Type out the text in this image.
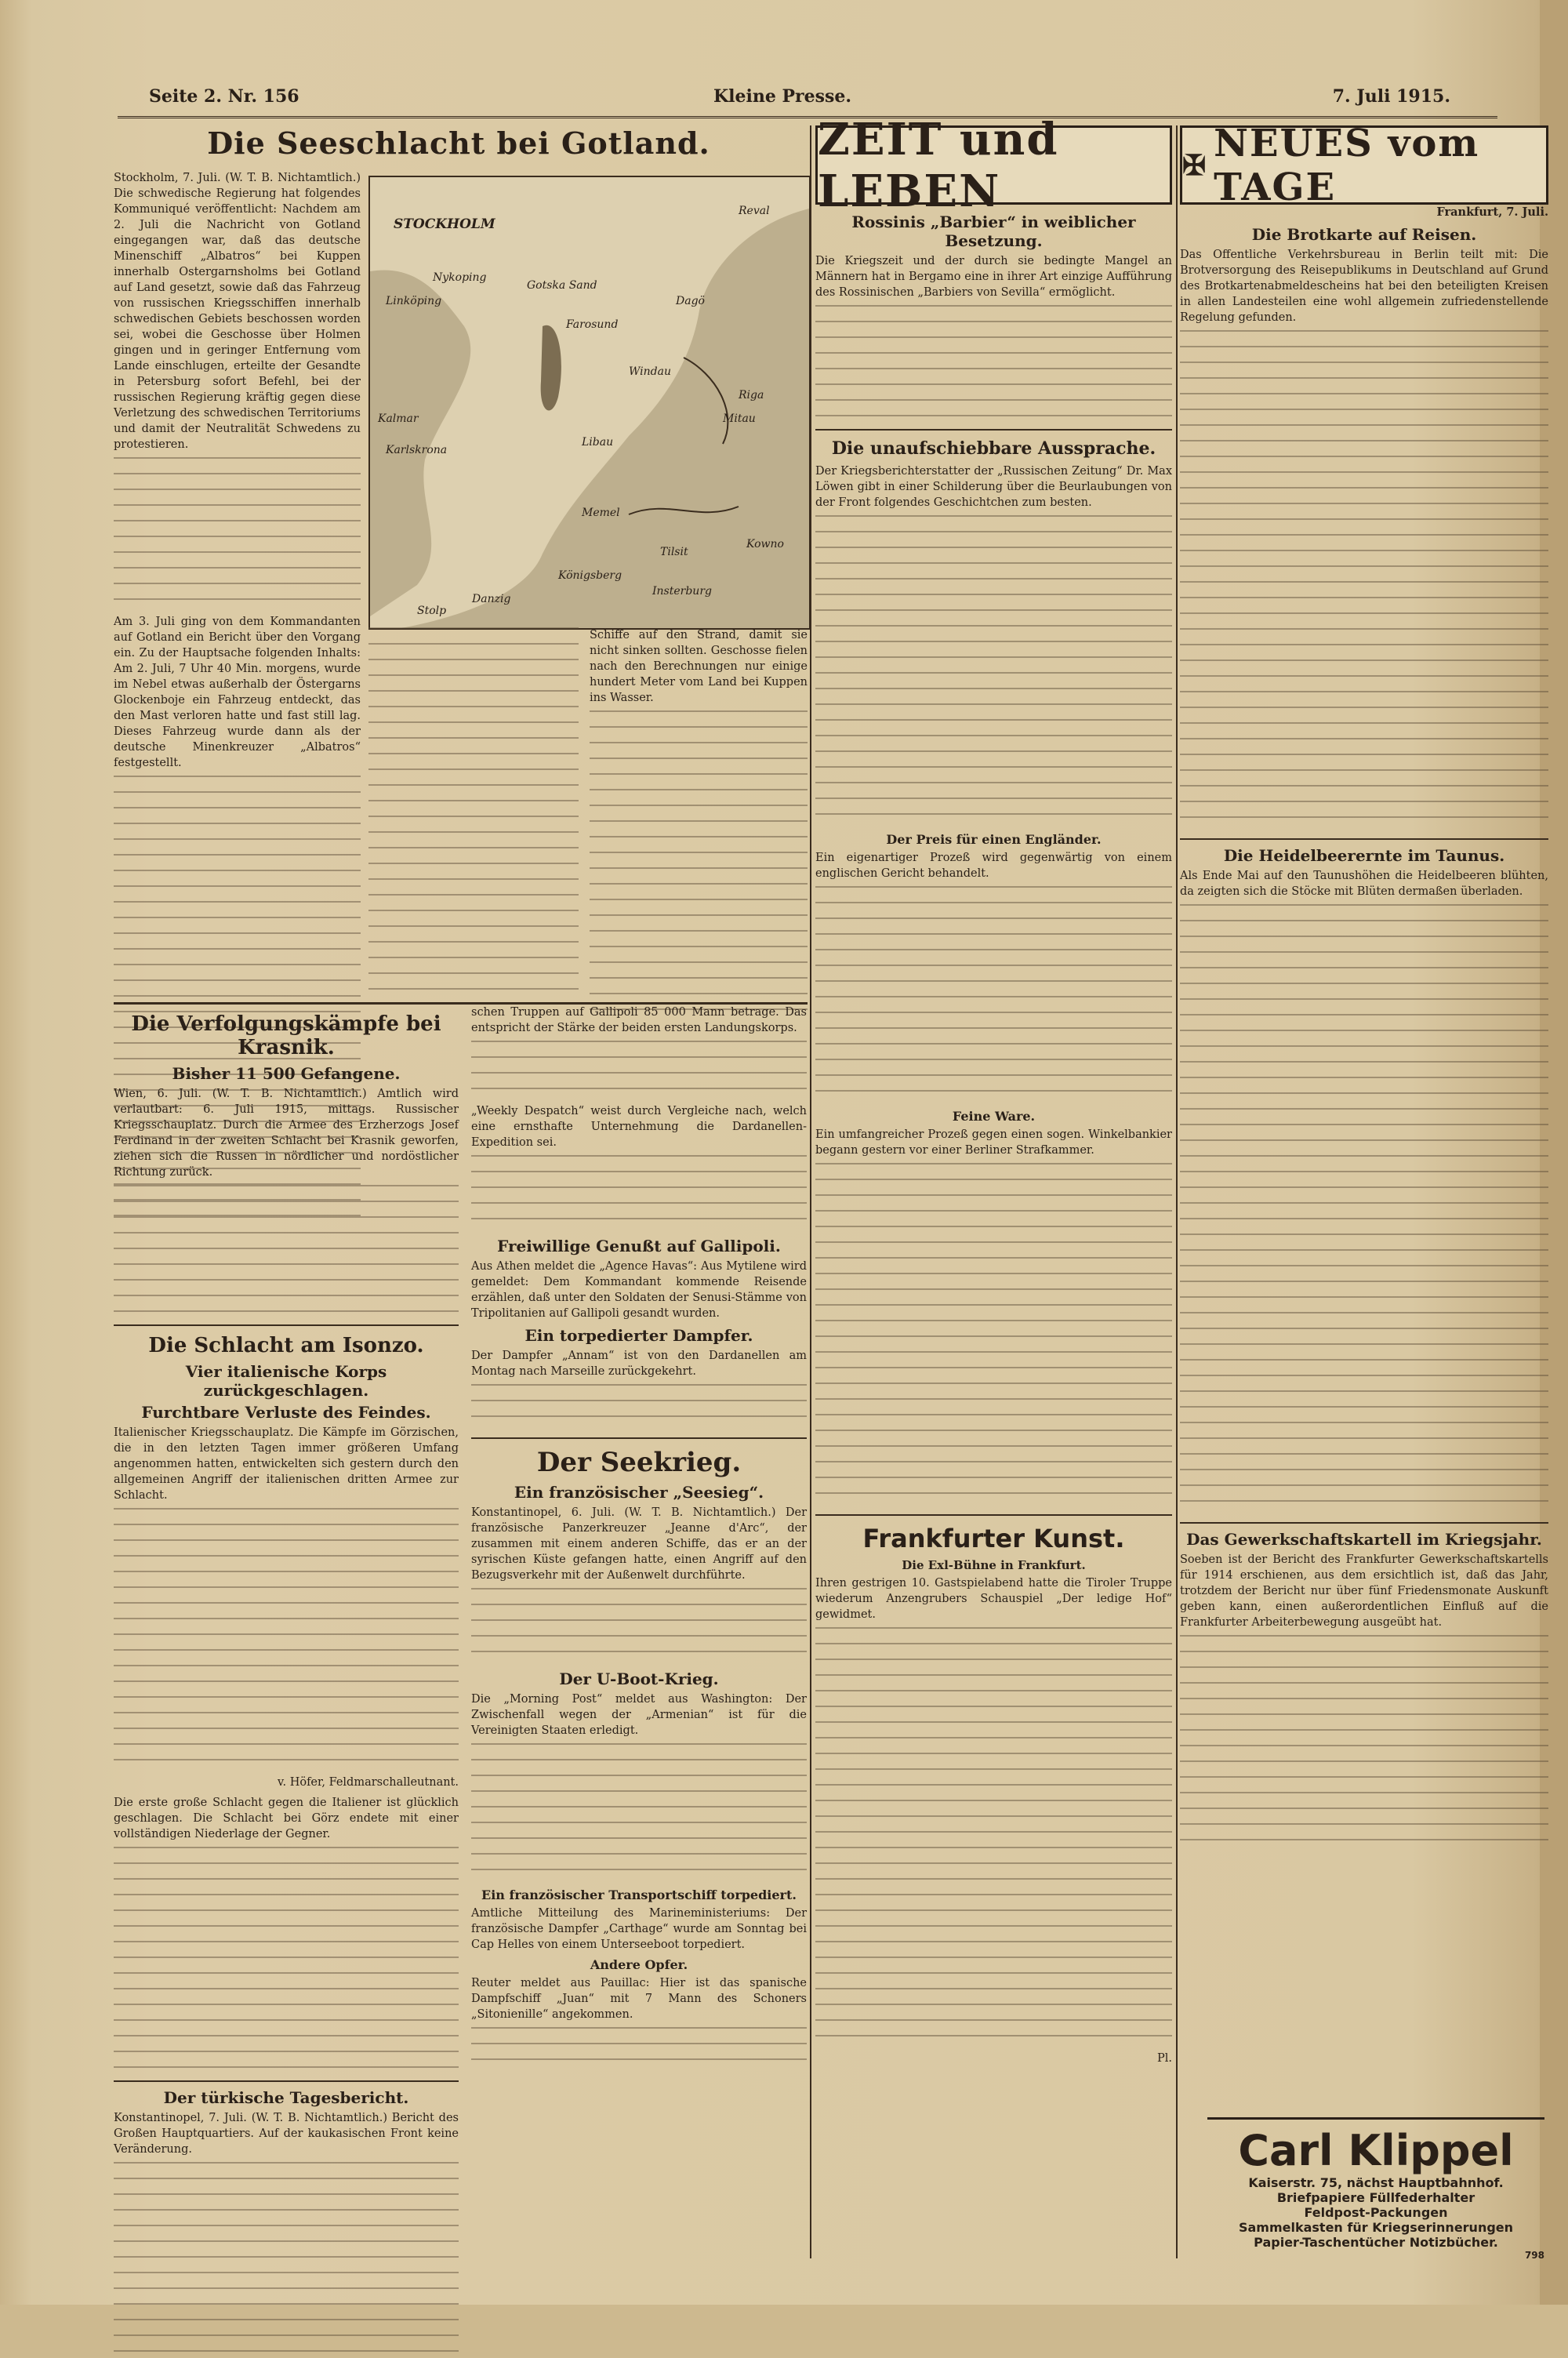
Seite 2. Nr. 156	Kleine Presse.	7. Juli 1915.
Die Seeschlacht bei Gotland.

Stockholm, 7. Juli. (W. T. B. Nichtamtlich.) Die schwedische Regierung hat folgendes Kommuniqué veröffentlicht: Nachdem am 2. Juli die Nachricht von Gotland eingegangen war, daß das deutsche Minenschiff „Albatros“ bei Kuppen innerhalb Ostergarnsholms bei Gotland auf Land gesetzt, sowie daß das Fahrzeug von russischen Kriegsschiffen innerhalb schwedischen Gebiets beschossen worden sei, wobei die Geschosse über Holmen gingen und in geringer Entfernung vom Lande einschlugen, erteilte der Gesandte in Petersburg sofort Befehl, bei der russischen Regierung kräftig gegen diese Verletzung des schwedischen Territoriums und damit der Neutralität Schwedens zu protestieren.

Am 3. Juli ging von dem Kommandanten auf Gotland ein Bericht über den Vorgang ein. Zu der Hauptsache folgenden Inhalts: Am 2. Juli, 7 Uhr 40 Min. morgens, wurde im Nebel etwas außerhalb der Östergarns Glockenboje ein Fahrzeug entdeckt, das den Mast verloren hatte und fast still lag. Dieses Fahrzeug wurde dann als der deutsche Minenkreuzer „Albatros“ festgestellt.

STOCKHOLM
Reval
Nykoping
Gotska Sand
Linköping
Farosund
Dagö
Kalmar
Karlskrona
Windau
Libau
Riga
Mitau
Memel
Königsberg
Danzig
Stolp
Kowno
Tilsit
Insterburg

Schiffe auf den Strand, damit sie nicht sinken sollten. Geschosse fielen nach den Berechnungen nur einige hundert Meter vom Land bei Kuppen ins Wasser.

Die Verfolgungskämpfe bei Krasnik.
Bisher 11 500 Gefangene.

Wien, 6. Juli. (W. T. B. Nichtamtlich.) Amtlich wird verlautbart: 6. Juli 1915, mittags. Russischer Kriegsschauplatz. Durch die Armee des Erzherzogs Josef Ferdinand in der zweiten Schlacht bei Krasnik geworfen, ziehen sich die Russen in nördlicher und nordöstlicher Richtung zurück.

Die Schlacht am Isonzo.
Vier italienische Korps zurückgeschlagen.
Furchtbare Verluste des Feindes.

Italienischer Kriegsschauplatz. Die Kämpfe im Görzischen, die in den letzten Tagen immer größeren Umfang angenommen hatten, entwickelten sich gestern durch den allgemeinen Angriff der italienischen dritten Armee zur Schlacht.

v. Höfer, Feldmarschalleutnant.

Die erste große Schlacht gegen die Italiener ist glücklich geschlagen. Die Schlacht bei Görz endete mit einer vollständigen Niederlage der Gegner.

Der türkische Tagesbericht.

Konstantinopel, 7. Juli. (W. T. B. Nichtamtlich.) Bericht des Großen Hauptquartiers. Auf der kaukasischen Front keine Veränderung.

schen Truppen auf Gallipoli 85 000 Mann betrage. Das entspricht der Stärke der beiden ersten Landungskorps.

„Weekly Despatch“ weist durch Vergleiche nach, welch eine ernsthafte Unternehmung die Dardanellen-Expedition sei.

Freiwillige Genußt auf Gallipoli.

Aus Athen meldet die „Agence Havas“: Aus Mytilene wird gemeldet: Dem Kommandant kommende Reisende erzählen, daß unter den Soldaten der Senusi-Stämme von Tripolitanien auf Gallipoli gesandt wurden.

Ein torpedierter Dampfer.

Der Dampfer „Annam“ ist von den Dardanellen am Montag nach Marseille zurückgekehrt.

Der Seekrieg.
Ein französischer „Seesieg“.

Konstantinopel, 6. Juli. (W. T. B. Nichtamtlich.) Der französische Panzerkreuzer „Jeanne d'Arc“, der zusammen mit einem anderen Schiffe, das er an der syrischen Küste gefangen hatte, einen Angriff auf den Bezugsverkehr mit der Außenwelt durchführte.

Der U-Boot-Krieg.

Die „Morning Post“ meldet aus Washington: Der Zwischenfall wegen der „Armenian“ ist für die Vereinigten Staaten erledigt.

Ein französischer Transportschiff torpediert.

Amtliche Mitteilung des Marineministeriums: Der französische Dampfer „Carthage“ wurde am Sonntag bei Cap Helles von einem Unterseeboot torpediert.

Andere Opfer.

Reuter meldet aus Pauillac: Hier ist das spanische Dampfschiff „Juan“ mit 7 Mann des Schoners „Sitonienille“ angekommen.

ZEIT und LEBEN
Rossinis „Barbier“ in weiblicher Besetzung.

Die Kriegszeit und der durch sie bedingte Mangel an Männern hat in Bergamo eine in ihrer Art einzige Aufführung des Rossinischen „Barbiers von Sevilla“ ermöglicht.

Die unaufschiebbare Aussprache.

Der Kriegsberichterstatter der „Russischen Zeitung“ Dr. Max Löwen gibt in einer Schilderung über die Beurlaubungen von der Front folgendes Geschichtchen zum besten.

Der Preis für einen Engländer.

Ein eigenartiger Prozeß wird gegenwärtig von einem englischen Gericht behandelt.

Feine Ware.

Ein umfangreicher Prozeß gegen einen sogen. Winkelbankier begann gestern vor einer Berliner Strafkammer.

Frankfurter Kunst.
Die Exl-Bühne in Frankfurt.

Ihren gestrigen 10. Gastspielabend hatte die Tiroler Truppe wiederum Anzengrubers Schauspiel „Der ledige Hof“ gewidmet.

Pl.

✠ NEUES vom TAGE

Frankfurt, 7. Juli.

Die Brotkarte auf Reisen.

Das Offentliche Verkehrsbureau in Berlin teilt mit: Die Brotversorgung des Reisepublikums in Deutschland auf Grund des Brotkartenabmeldescheins hat bei den beteiligten Kreisen in allen Landesteilen eine wohl allgemein zufriedenstellende Regelung gefunden.

Die Heidelbeerernte im Taunus.

Als Ende Mai auf den Taunushöhen die Heidelbeeren blühten, da zeigten sich die Stöcke mit Blüten dermaßen überladen.

Das Gewerkschaftskartell im Kriegsjahr.

Soeben ist der Bericht des Frankfurter Gewerkschaftskartells für 1914 erschienen, aus dem ersichtlich ist, daß das Jahr, trotzdem der Bericht nur über fünf Friedensmonate Auskunft geben kann, einen außerordentlichen Einfluß auf die Frankfurter Arbeiterbewegung ausgeübt hat.

Carl Klippel
Kaiserstr. 75, nächst Hauptbahnhof.
Briefpapiere Füllfederhalter
Feldpost-Packungen
Sammelkasten für Kriegserinnerungen
Papier-Taschentücher Notizbücher.
798
